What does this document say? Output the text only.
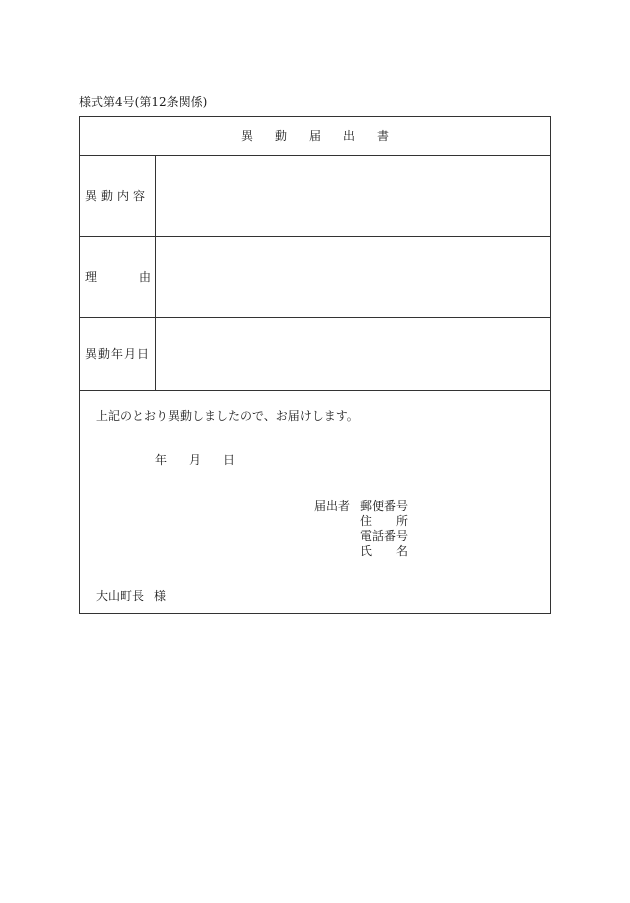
様式第4号(第12条関係)
異動届出書
異動内容
理	由
異動年月日
上記のとおり異動しましたので、お届けします。
年 月 日
届出者 郵便番号
住 所
電話番号
氏 名
大山町長 様
